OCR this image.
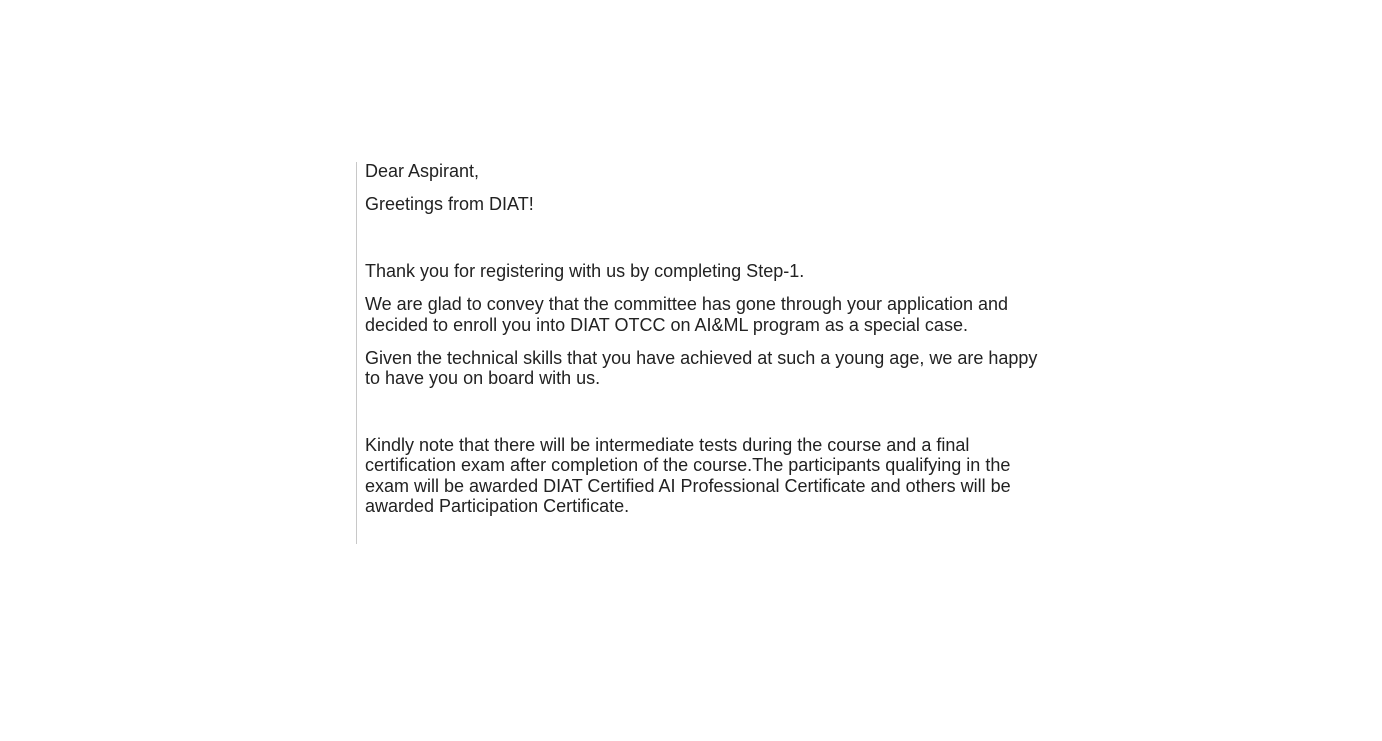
Dear Aspirant,

Greetings from DIAT!

Thank you for registering with us by completing Step-1.

We are glad to convey that the committee has gone through your application and decided to enroll you into DIAT OTCC on AI&ML program as a special case.

Given the technical skills that you have achieved at such a young age, we are happy to have you on board with us.

Kindly note that there will be intermediate tests during the course and a final certification exam after completion of the course.The participants qualifying in the exam will be awarded DIAT Certified AI Professional Certificate and others will be awarded Participation Certificate.
